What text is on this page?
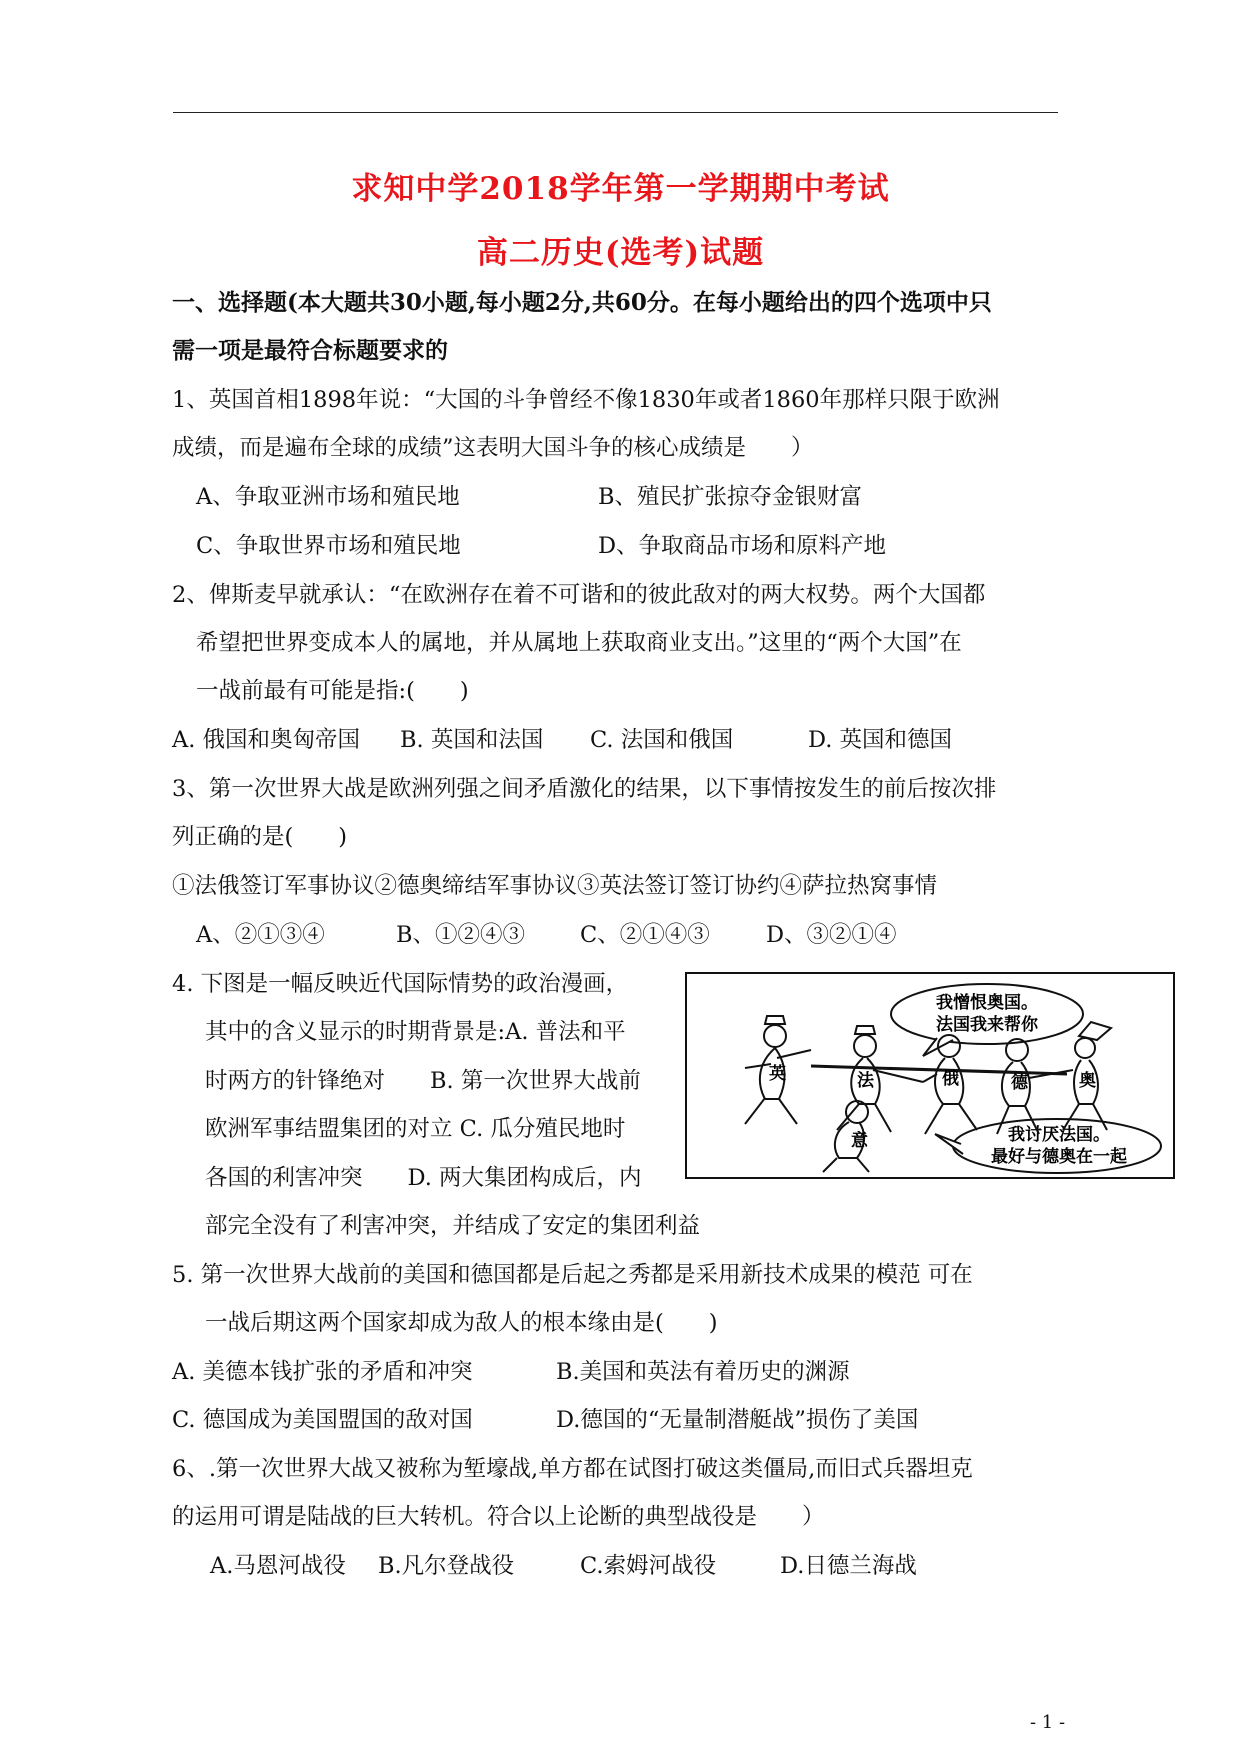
求知中学2018学年第一学期期中考试
高二历史(选考)试题
一、选择题(本大题共30小题,每小题2分,共60分。在每小题给出的四个选项中只
需一项是最符合标题要求的
1、英国首相1898年说：“大国的斗争曾经不像1830年或者1860年那样只限于欧洲
成绩，而是遍布全球的成绩”这表明大国斗争的核心成绩是　　）
A、争取亚洲市场和殖民地	B、殖民扩张掠夺金银财富
C、争取世界市场和殖民地	D、争取商品市场和原料产地
2、俾斯麦早就承认：“在欧洲存在着不可谐和的彼此敌对的两大权势。两个大国都
希望把世界变成本人的属地，并从属地上获取商业支出。”这里的“两个大国”在
一战前最有可能是指:(　　)
A. 俄国和奥匈帝国 B. 英国和法国 C. 法国和俄国	D. 英国和德国
3、第一次世界大战是欧洲列强之间矛盾激化的结果，以下事情按发生的前后按次排
列正确的是(　　)
①法俄签订军事协议②德奥缔结军事协议③英法签订签订协约④萨拉热窝事情
A、②①③④	B、①②④③ C、②①④③	D、③②①④
4. 下图是一幅反映近代国际情势的政治漫画，
其中的含义显示的时期背景是:A. 普法和平
时两方的针锋绝对　　B. 第一次世界大战前
欧洲军事结盟集团的对立 C. 瓜分殖民地时
各国的利害冲突　　D. 两大集团构成后，内
部完全没有了利害冲突，并结成了安定的集团利益
我憎恨奥国。
法国我来帮你
我讨厌法国。
最好与德奥在一起
英	法	俄	德	奥
意
5. 第一次世界大战前的美国和德国都是后起之秀都是采用新技术成果的模范 可在
一战后期这两个国家却成为敌人的根本缘由是(　　)
A. 美德本钱扩张的矛盾和冲突	B.美国和英法有着历史的渊源
C. 德国成为美国盟国的敌对国	D.德国的“无量制潜艇战”损伤了美国
6、.第一次世界大战又被称为堑壕战,单方都在试图打破这类僵局,而旧式兵器坦克
的运用可谓是陆战的巨大转机。符合以上论断的典型战役是　　）
A.马恩河战役 B.凡尔登战役	C.索姆河战役	D.日德兰海战
- 1 -
